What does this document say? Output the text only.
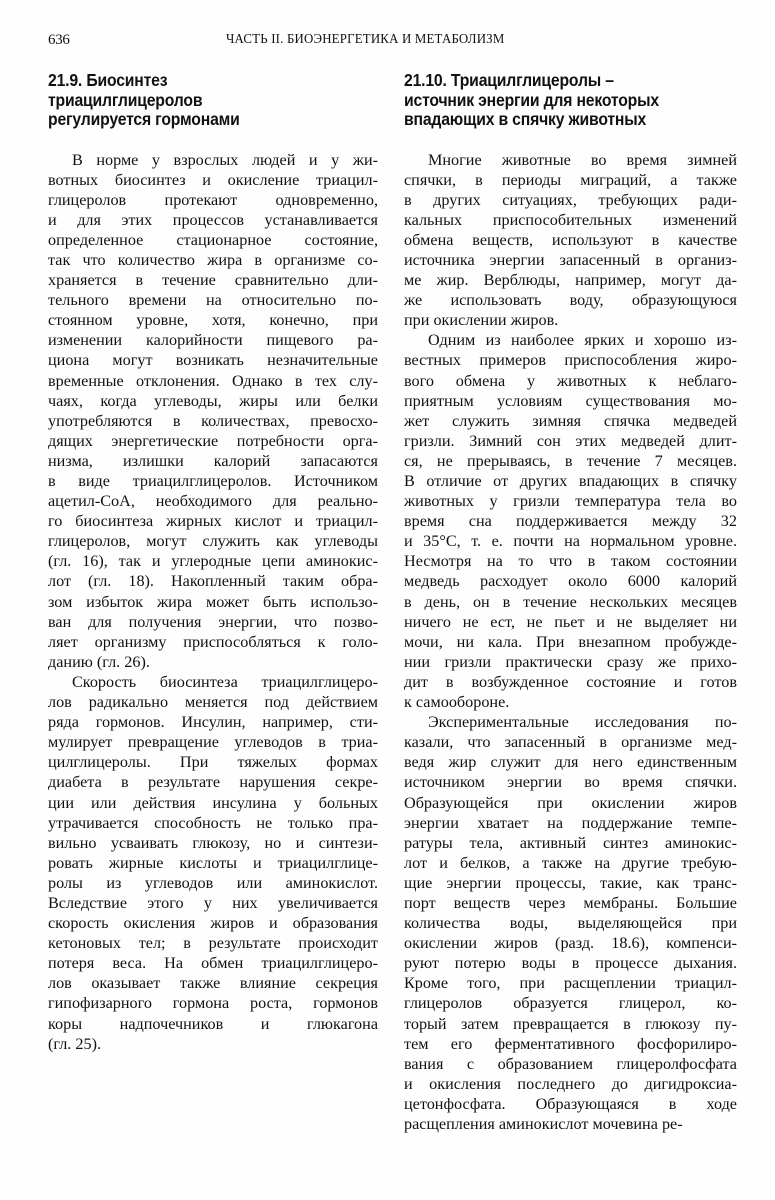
636	ЧАСТЬ II. БИОЭНЕРГЕТИКА И МЕТАБОЛИЗМ
21.9. Биосинтез
триацилглицеролов
регулируется гормонами

В норме у взрослых людей и у жи-
вотных биосинтез и окисление триацил-
глицеролов протекают одновременно,
и для этих процессов устанавливается
определенное стационарное состояние,
так что количество жира в организме со-
храняется в течение сравнительно дли-
тельного времени на относительно по-
стоянном уровне, хотя, конечно, при
изменении калорийности пищевого ра-
циона могут возникать незначительные
временные отклонения. Однако в тех слу-
чаях, когда углеводы, жиры или белки
употребляются в количествах, превосхо-
дящих энергетические потребности орга-
низма, излишки калорий запасаются
в виде триацилглицеролов. Источником
ацетил-CoA, необходимого для реально-
го биосинтеза жирных кислот и триацил-
глицеролов, могут служить как углеводы
(гл. 16), так и углеродные цепи аминокис-
лот (гл. 18). Накопленный таким обра-
зом избыток жира может быть использо-
ван для получения энергии, что позво-
ляет организму приспособляться к голо-
данию (гл. 26).

Скорость биосинтеза триацилглицеро-
лов радикально меняется под действием
ряда гормонов. Инсулин, например, сти-
мулирует превращение углеводов в триа-
цилглицеролы. При тяжелых формах
диабета в результате нарушения секре-
ции или действия инсулина у больных
утрачивается способность не только пра-
вильно усваивать глюкозу, но и синтези-
ровать жирные кислоты и триацилглице-
ролы из углеводов или аминокислот.
Вследствие этого у них увеличивается
скорость окисления жиров и образования
кетоновых тел; в результате происходит
потеря веса. На обмен триацилглицеро-
лов оказывает также влияние секреция
гипофизарного гормона роста, гормонов
коры надпочечников и глюкагона
(гл. 25).

21.10. Триацилглицеролы –
источник энергии для некоторых
впадающих в спячку животных

Многие животные во время зимней
спячки, в периоды миграций, а также
в других ситуациях, требующих ради-
кальных приспособительных изменений
обмена веществ, используют в качестве
источника энергии запасенный в организ-
ме жир. Верблюды, например, могут да-
же использовать воду, образующуюся
при окислении жиров.

Одним из наиболее ярких и хорошо из-
вестных примеров приспособления жиро-
вого обмена у животных к неблаго-
приятным условиям существования мо-
жет служить зимняя спячка медведей
гризли. Зимний сон этих медведей длит-
ся, не прерываясь, в течение 7 месяцев.
В отличие от других впадающих в спячку
животных у гризли температура тела во
время сна поддерживается между 32
и 35°C, т. е. почти на нормальном уровне.
Несмотря на то что в таком состоянии
медведь расходует около 6000 калорий
в день, он в течение нескольких месяцев
ничего не ест, не пьет и не выделяет ни
мочи, ни кала. При внезапном пробужде-
нии гризли практически сразу же прихо-
дит в возбужденное состояние и готов
к самообороне.

Экспериментальные исследования по-
казали, что запасенный в организме мед-
ведя жир служит для него единственным
источником энергии во время спячки.
Образующейся при окислении жиров
энергии хватает на поддержание темпе-
ратуры тела, активный синтез аминокис-
лот и белков, а также на другие требую-
щие энергии процессы, такие, как транс-
порт веществ через мембраны. Большие
количества воды, выделяющейся при
окислении жиров (разд. 18.6), компенси-
руют потерю воды в процессе дыхания.
Кроме того, при расщеплении триацил-
глицеролов образуется глицерол, ко-
торый затем превращается в глюкозу пу-
тем его ферментативного фосфорилиро-
вания с образованием глицеролфосфата
и окисления последнего до дигидроксиа-
цетонфосфата. Образующаяся в ходе
расщепления аминокислот мочевина ре-
